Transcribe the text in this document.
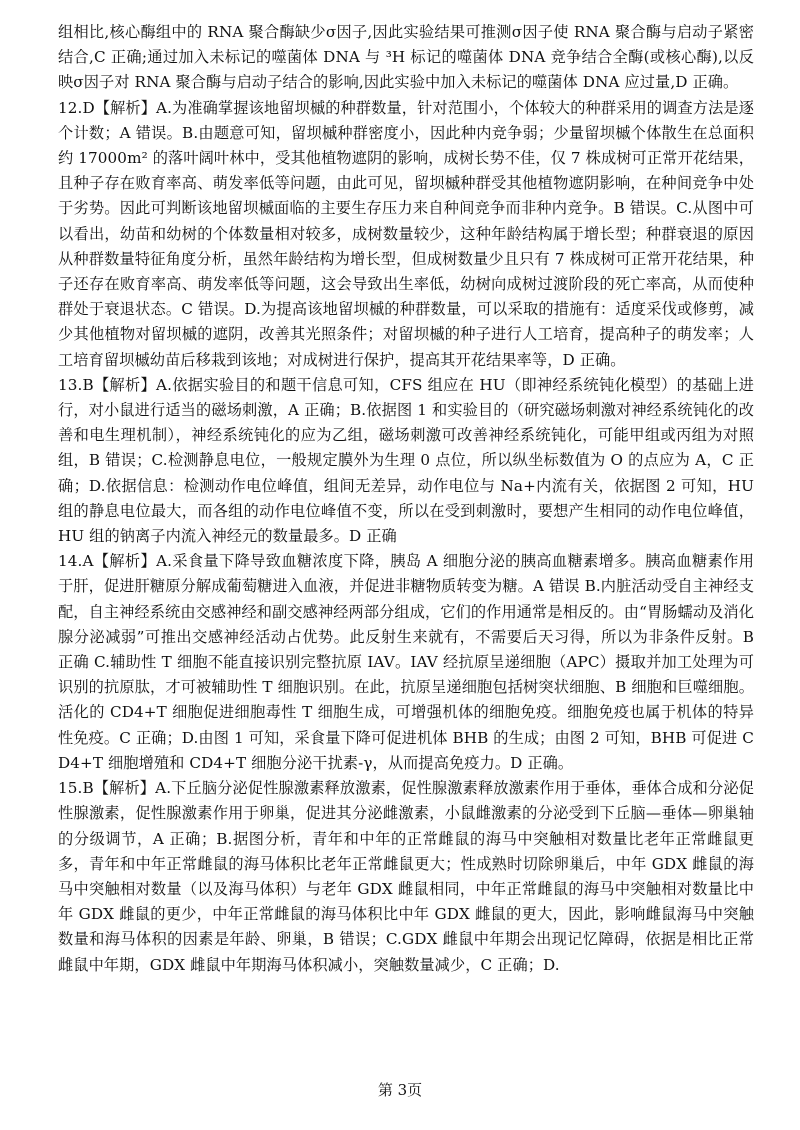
组相比,核心酶组中的 RNA 聚合酶缺少σ因子,因此实验结果可推测σ因子使 RNA 聚合酶与启动子紧密结合,C 正确;通过加入未标记的噬菌体 DNA 与 ³H 标记的噬菌体 DNA 竞争结合全酶(或核心酶),以反映σ因子对 RNA 聚合酶与启动子结合的影响,因此实验中加入未标记的噬菌体 DNA 应过量,D 正确。

12.D【解析】A.为准确掌握该地留坝槭的种群数量，针对范围小，个体较大的种群采用的调查方法是逐个计数；A 错误。B.由题意可知，留坝槭种群密度小，因此种内竞争弱；少量留坝槭个体散生在总面积约 17000m² 的落叶阔叶林中，受其他植物遮阴的影响，成树长势不佳，仅 7 株成树可正常开花结果，且种子存在败育率高、萌发率低等问题，由此可见，留坝槭种群受其他植物遮阴影响，在种间竞争中处于劣势。因此可判断该地留坝槭面临的主要生存压力来自种间竞争而非种内竞争。B 错误。C.从图中可以看出，幼苗和幼树的个体数量相对较多，成树数量较少，这种年龄结构属于增长型；种群衰退的原因从种群数量特征角度分析，虽然年龄结构为增长型，但成树数量少且只有 7 株成树可正常开花结果，种子还存在败育率高、萌发率低等问题，这会导致出生率低，幼树向成树过渡阶段的死亡率高，从而使种群处于衰退状态。C 错误。D.为提高该地留坝槭的种群数量，可以采取的措施有：适度采伐或修剪，减少其他植物对留坝槭的遮阴，改善其光照条件；对留坝槭的种子进行人工培育，提高种子的萌发率；人工培育留坝槭幼苗后移栽到该地；对成树进行保护，提高其开花结果率等，D 正确。

13.B【解析】A.依据实验目的和题干信息可知，CFS 组应在 HU（即神经系统钝化模型）的基础上进行，对小鼠进行适当的磁场刺激，A 正确；B.依据图 1 和实验目的（研究磁场刺激对神经系统钝化的改善和电生理机制），神经系统钝化的应为乙组，磁场刺激可改善神经系统钝化，可能甲组或丙组为对照组，B 错误；C.检测静息电位，一般规定膜外为生理 0 点位，所以纵坐标数值为 O 的点应为 A，C 正确；D.依据信息：检测动作电位峰值，组间无差异，动作电位与 Na+内流有关，依据图 2 可知，HU 组的静息电位最大，而各组的动作电位峰值不变，所以在受到刺激时，要想产生相同的动作电位峰值，HU 组的钠离子内流入神经元的数量最多。D 正确

14.A【解析】A.采食量下降导致血糖浓度下降，胰岛 A 细胞分泌的胰高血糖素增多。胰高血糖素作用于肝，促进肝糖原分解成葡萄糖进入血液，并促进非糖物质转变为糖。A 错误 B.内脏活动受自主神经支配，自主神经系统由交感神经和副交感神经两部分组成，它们的作用通常是相反的。由“胃肠蠕动及消化腺分泌减弱”可推出交感神经活动占优势。此反射生来就有，不需要后天习得，所以为非条件反射。B 正确 C.辅助性 T 细胞不能直接识别完整抗原 IAV。IAV 经抗原呈递细胞（APC）摄取并加工处理为可识别的抗原肽，才可被辅助性 T 细胞识别。在此，抗原呈递细胞包括树突状细胞、B 细胞和巨噬细胞。活化的 CD4+T 细胞促进细胞毒性 T 细胞生成，可增强机体的细胞免疫。细胞免疫也属于机体的特异性免疫。C 正确；D.由图 1 可知，采食量下降可促进机体 BHB 的生成；由图 2 可知，BHB 可促进 CD4+T 细胞增殖和 CD4+T 细胞分泌干扰素-γ，从而提高免疫力。D 正确。

15.B【解析】A.下丘脑分泌促性腺激素释放激素，促性腺激素释放激素作用于垂体，垂体合成和分泌促性腺激素，促性腺激素作用于卵巢，促进其分泌雌激素，小鼠雌激素的分泌受到下丘脑—垂体—卵巢轴的分级调节，A 正确；B.据图分析，青年和中年的正常雌鼠的海马中突触相对数量比老年正常雌鼠更多，青年和中年正常雌鼠的海马体积比老年正常雌鼠更大；性成熟时切除卵巢后，中年 GDX 雌鼠的海马中突触相对数量（以及海马体积）与老年 GDX 雌鼠相同，中年正常雌鼠的海马中突触相对数量比中年 GDX 雌鼠的更少，中年正常雌鼠的海马体积比中年 GDX 雌鼠的更大，因此，影响雌鼠海马中突触数量和海马体积的因素是年龄、卵巢，B 错误；C.GDX 雌鼠中年期会出现记忆障碍，依据是相比正常雌鼠中年期，GDX 雌鼠中年期海马体积减小，突触数量减少，C 正确；D.

第 3页
